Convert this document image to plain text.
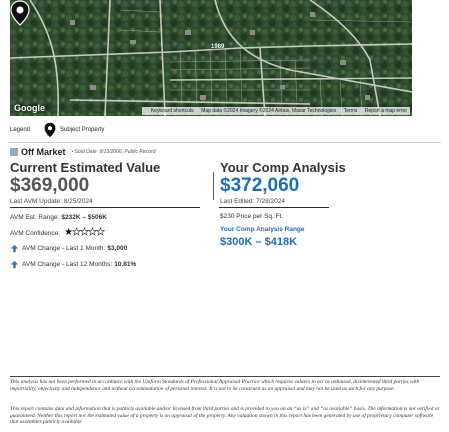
1989
Google	Keyboard shortcuts Map data ©2024 Imagery ©2024 Airbus, Maxar Technologies Terms Report a map error
Legend	Subject Property
Off Market • Sold Date: 9/13/2006, Public Record
Current Estimated Value
$369,000
Last AVM Update: 8/25/2024
AVM Est. Range: $232K – $506K
AVM Confidence: ★★★★★
AVM Change - Last 1 Month: $3,000
AVM Change - Last 12 Months: 10.81%
Your Comp Analysis
$372,060
Last Edited: 7/28/2024
$230 Price per Sq. Ft.
Your Comp Analysis Range
$300K – $418K
This analysis has not been performed in accordance with the Uniform Standards of Professional Appraisal Practice which requires valuers to act as unbiased, disinterested third parties with impartiality, objectivity and independence and without accommodation of personal interest. It is not to be construed as an appraisal and may not be used as such for any purpose.
This report contains data and information that is publicly available and/or licensed from third parties and is provided to you on an “as is” and “as available” basis. The information is not verified or guaranteed. Neither this report nor the estimated value of a property is an appraisal of the property. Any valuation shown in this report has been generated by use of proprietary computer software that assembles publicly available
